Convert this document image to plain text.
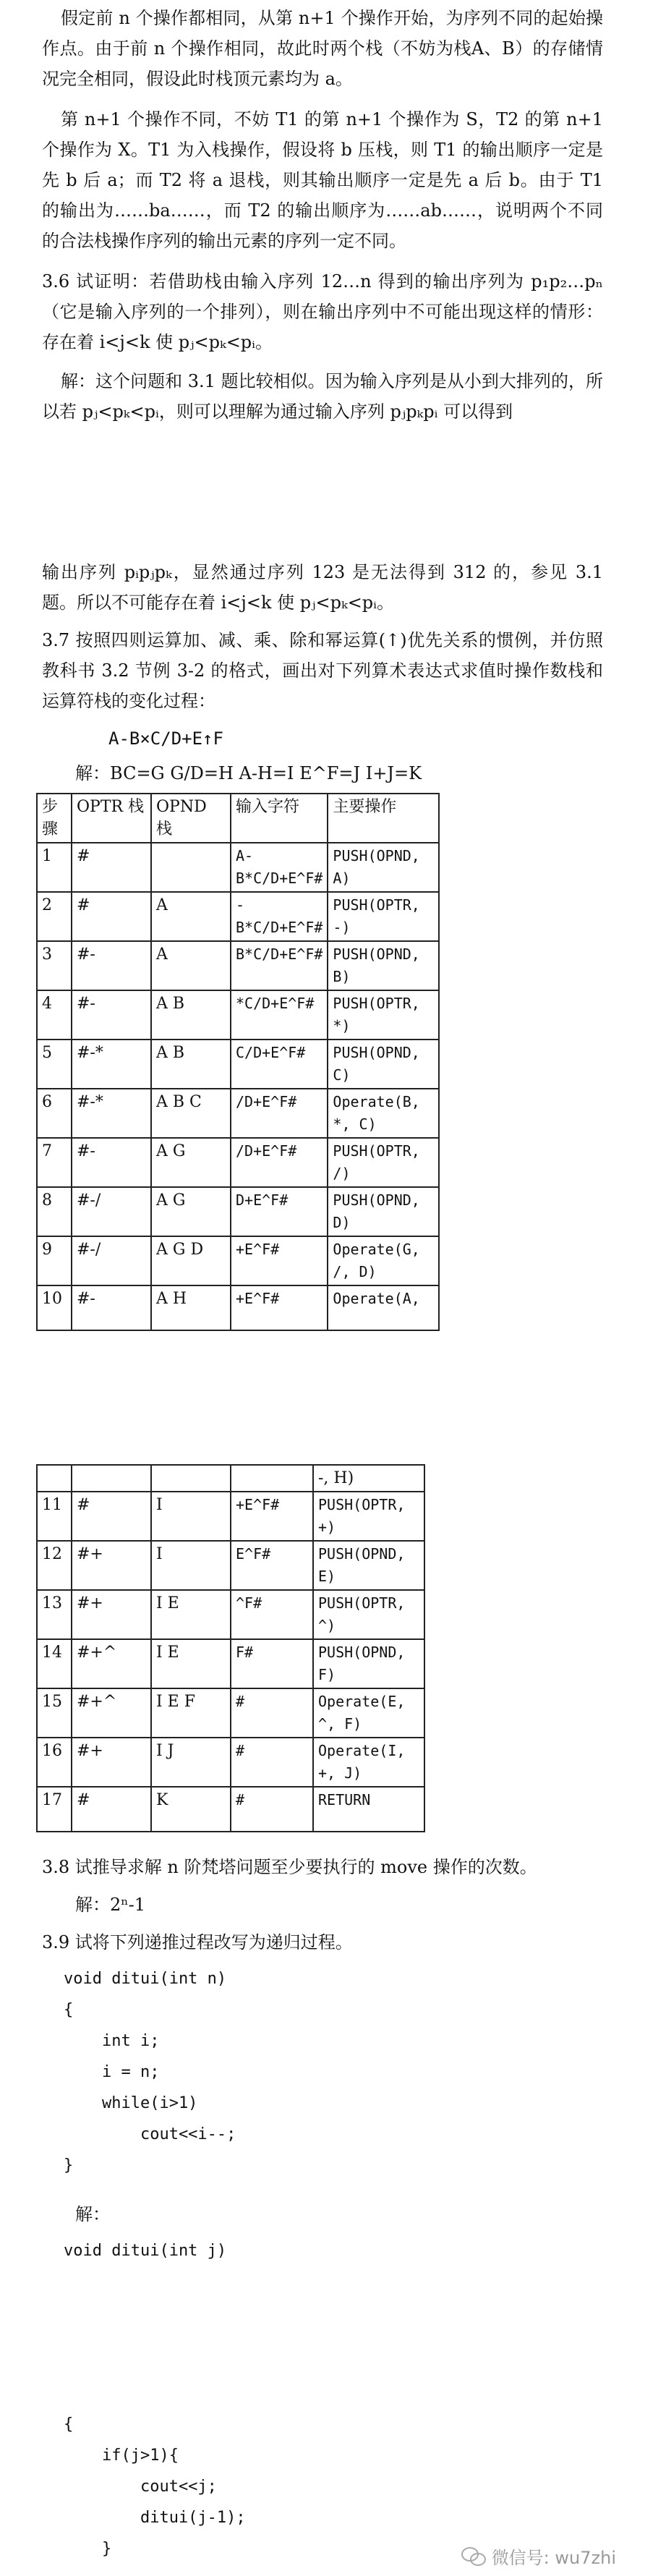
假定前 n 个操作都相同，从第 n+1 个操作开始，为序列不同的起始操作点。由于前 n 个操作相同，故此时两个栈（不妨为栈A、B）的存储情况完全相同，假设此时栈顶元素均为 a。

第 n+1 个操作不同，不妨 T1 的第 n+1 个操作为 S，T2 的第 n+1 个操作为 X。T1 为入栈操作，假设将 b 压栈，则 T1 的输出顺序一定是先 b 后 a；而 T2 将 a 退栈，则其输出顺序一定是先 a 后 b。由于 T1 的输出为……ba……，而 T2 的输出顺序为……ab……，说明两个不同的合法栈操作序列的输出元素的序列一定不同。

3.6 试证明：若借助栈由输入序列 12…n 得到的输出序列为 p₁p₂…pₙ（它是输入序列的一个排列），则在输出序列中不可能出现这样的情形：存在着 i<j<k 使 pⱼ<pₖ<pᵢ。

解：这个问题和 3.1 题比较相似。因为输入序列是从小到大排列的，所以若 pⱼ<pₖ<pᵢ，则可以理解为通过输入序列 pⱼpₖpᵢ 可以得到

输出序列 pᵢpⱼpₖ，显然通过序列 123 是无法得到 312 的，参见 3.1 题。所以不可能存在着 i<j<k 使 pⱼ<pₖ<pᵢ。

3.7 按照四则运算加、减、乘、除和幂运算(↑)优先关系的惯例，并仿照教科书 3.2 节例 3-2 的格式，画出对下列算术表达式求值时操作数栈和运算符栈的变化过程：

A-B×C/D+E↑F

解：BC=G G/D=H A-H=I E^F=J I+J=K

步骤	OPTR 栈	OPND 栈	输入字符	主要操作
1	#		A-B*C/D+E^F#	PUSH(OPND, A)
2	#	A	-B*C/D+E^F#	PUSH(OPTR, -)
3	#-	A	B*C/D+E^F#	PUSH(OPND, B)
4	#-	A B	*C/D+E^F#	PUSH(OPTR, *)
5	#-*	A B	C/D+E^F#	PUSH(OPND, C)
6	#-*	A B C	/D+E^F#	Operate(B, *, C)
7	#-	A G	/D+E^F#	PUSH(OPTR, /)
8	#-/	A G	D+E^F#	PUSH(OPND, D)
9	#-/	A G D	+E^F#	Operate(G, /, D)
10	#-	A H	+E^F#	Operate(A,
				-, H)
11	#	I	+E^F#	PUSH(OPTR, +)
12	#+	I	E^F#	PUSH(OPND, E)
13	#+	I E	^F#	PUSH(OPTR, ^)
14	#+^	I E	F#	PUSH(OPND, F)
15	#+^	I E F	#	Operate(E, ^, F)
16	#+	I J	#	Operate(I, +, J)
17	#	K	#	RETURN

3.8 试推导求解 n 阶梵塔问题至少要执行的 move 操作的次数。

解：2ⁿ-1

3.9 试将下列递推过程改写为递归过程。

void ditui(int n)
{
int i;
i = n;
while(i>1)
cout<<i--;
}

解：

void ditui(int j)
{
if(j>1){
cout<<j;
ditui(j-1);
}	微信号: wu7zhi
